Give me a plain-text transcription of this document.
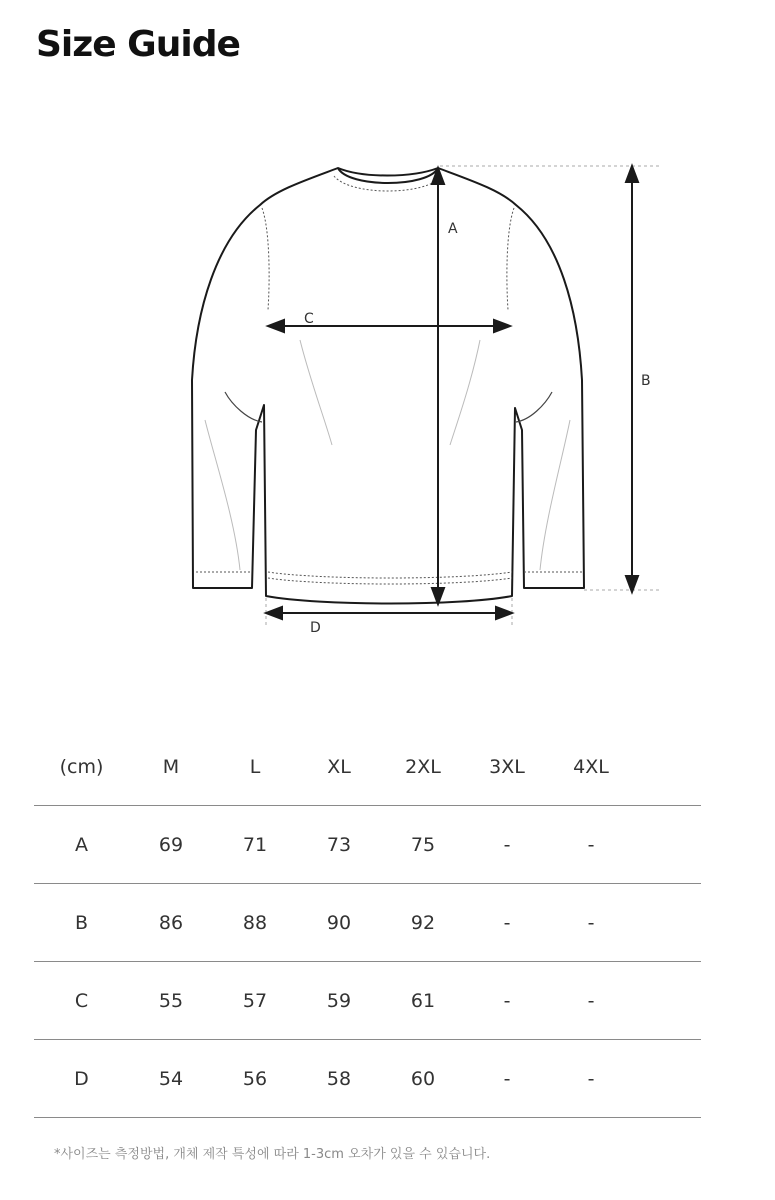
Size Guide
A
B
C
D
(cm)	M	L	XL	2XL	3XL	4XL
A	69	71	73	75	-	-
B	86	88	90	92	-	-
C	55	57	59	61	-	-
D	54	56	58	60	-	-
*사이즈는 측정방법, 개체 제작 특성에 따라 1-3cm 오차가 있을 수 있습니다.
